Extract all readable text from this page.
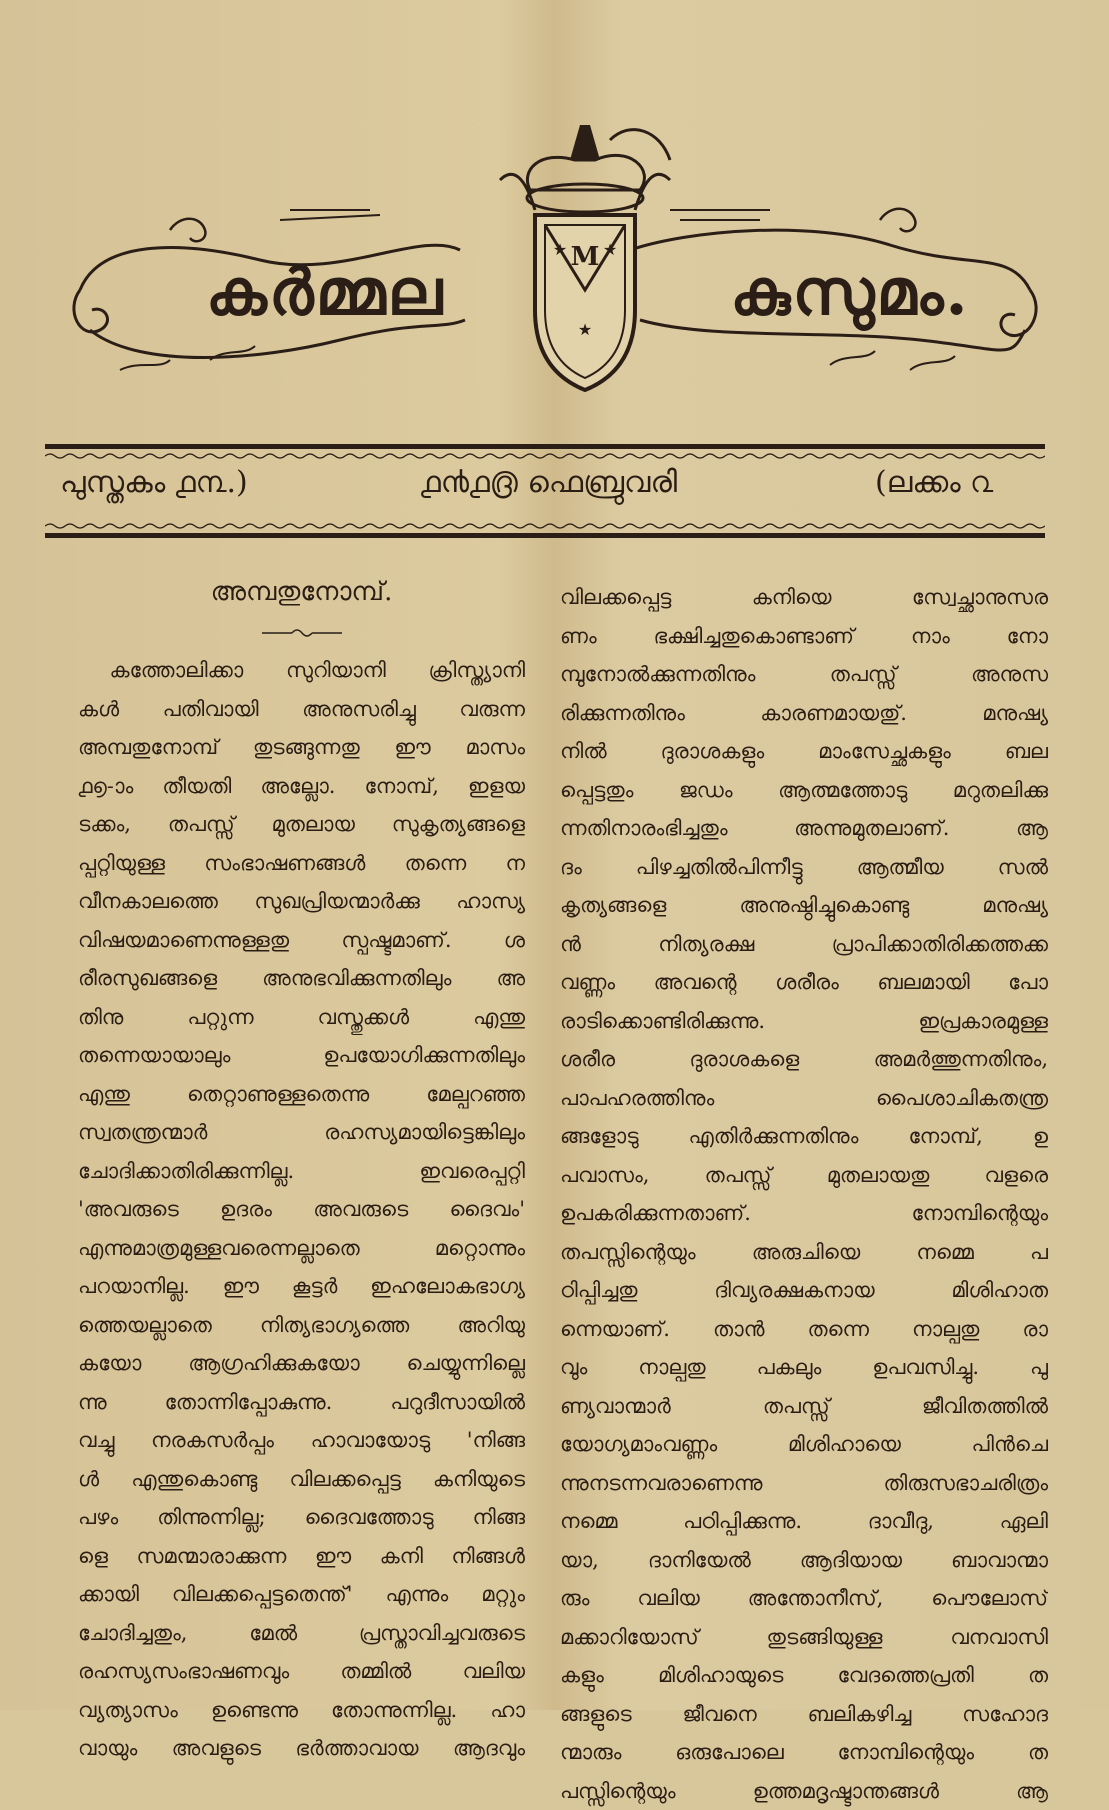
കർമ്മല	കുസുമം.
M
★ ★
★
പുസ്തകം ൧൩.)	൧൯൧൫ ഫെബ്രുവരി	(ലക്കം ൨
അമ്പതുനോമ്പ്.
കത്തോലിക്കാ സുറിയാനി ക്രിസ്ത്യാനി
കൾ പതിവായി അനുസരിച്ചു വരുന്ന
അമ്പതുനോമ്പ് തുടങ്ങുന്നതു ഈ മാസം
൧൭-ാം തീയതി അല്ലോ. നോമ്പ്, ഇളയ
ടക്കം, തപസ്സ് മുതലായ സുകൃത്യങ്ങളെ
പ്പറ്റിയുള്ള സംഭാഷണങ്ങൾ തന്നെ ന
വീനകാലത്തെ സുഖപ്രിയന്മാർക്കു ഹാസ്യ
വിഷയമാണെന്നുള്ളതു സ്പഷ്ടമാണ്. ശ
രീരസുഖങ്ങളെ അനുഭവിക്കുന്നതിലും അ
തിനു പറ്റുന്ന വസ്തുക്കൾ എന്തു
തന്നെയായാലും ഉപയോഗിക്കുന്നതിലും
എന്തു തെറ്റാണുള്ളതെന്നു മേല്പറഞ്ഞ
സ്വതന്ത്രന്മാർ രഹസ്യമായിട്ടെങ്കിലും
ചോദിക്കാതിരിക്കുന്നില്ല. ഇവരെപ്പറ്റി
'അവരുടെ ഉദരം അവരുടെ ദൈവം'
എന്നുമാത്രമുള്ളവരെന്നല്ലാതെ മറ്റൊന്നും
പറയാനില്ല. ഈ കൂട്ടർ ഇഹലോകഭാഗ്യ
ത്തെയല്ലാതെ നിത്യഭാഗ്യത്തെ അറിയു
കയോ ആഗ്രഹിക്കുകയോ ചെയ്യുന്നില്ലെ
ന്നു തോന്നിപ്പോകുന്നു. പറുദീസായിൽ
വച്ചു നരകസർപ്പം ഹാവായോടു 'നിങ്ങ
ൾ എന്തുകൊണ്ടു വിലക്കപ്പെട്ട കനിയുടെ
പഴം തിന്നുന്നില്ല; ദൈവത്തോടു നിങ്ങ
ളെ സമന്മാരാക്കുന്ന ഈ കനി നിങ്ങൾ
ക്കായി വിലക്കപ്പെട്ടതെന്ത്' എന്നും മറ്റും
ചോദിച്ചതും, മേൽ പ്രസ്താവിച്ചവരുടെ
രഹസ്യസംഭാഷണവും തമ്മിൽ വലിയ
വ്യത്യാസം ഉണ്ടെന്നു തോന്നുന്നില്ല. ഹാ
വായും അവളുടെ ഭർത്താവായ ആദവും
വിലക്കപ്പെട്ട കനിയെ സ്വേച്ഛാനുസര
ണം ഭക്ഷിച്ചതുകൊണ്ടാണ് നാം നോ
മ്പുനോൽക്കുന്നതിനും തപസ്സ് അനുസ
രിക്കുന്നതിനും കാരണമായതു്. മനുഷ്യ
നിൽ ദുരാശകളും മാംസേച്ഛകളും ബല
പ്പെട്ടതും ജഡം ആത്മത്തോടു മറുതലിക്കു
ന്നതിനാരംഭിച്ചതും അന്നുമുതലാണ്. ആ
ദം പിഴച്ചതിൽപിന്നീട്ടു ആത്മീയ സൽ
കൃത്യങ്ങളെ അനുഷ്ഠിച്ചുകൊണ്ടു മനുഷ്യ
ൻ നിത്യരക്ഷ പ്രാപിക്കാതിരിക്കത്തക്ക
വണ്ണം അവന്റെ ശരീരം ബലമായി പോ
രാടിക്കൊണ്ടിരിക്കുന്നു. ഇപ്രകാരമുള്ള
ശരീര ദുരാശകളെ അമർത്തുന്നതിനും,
പാപഹരത്തിനും പൈശാചികതന്ത്ര
ങ്ങളോടു എതിർക്കുന്നതിനും നോമ്പ്, ഉ
പവാസം, തപസ്സ് മുതലായതു വളരെ
ഉപകരിക്കുന്നതാണ്. നോമ്പിന്റെയും
തപസ്സിന്റെയും അരുചിയെ നമ്മെ പ
ഠിപ്പിച്ചതു ദിവ്യരക്ഷകനായ മിശിഹാത
ന്നെയാണ്. താൻ തന്നെ നാല്പതു രാ
വും നാല്പതു പകലും ഉപവസിച്ചു. പു
ണ്യവാന്മാർ തപസ്സ് ജീവിതത്തിൽ
യോഗ്യമാംവണ്ണം മിശിഹായെ പിൻചെ
ന്നുനടന്നവരാണെന്നു തിരുസഭാചരിത്രം
നമ്മെ പഠിപ്പിക്കുന്നു. ദാവീദു, ഏലി
യാ, ദാനിയേൽ ആദിയായ ബാവാന്മാ
രും വലിയ അന്തോനീസ്, പൌലോസ്
മക്കാറിയോസ് തുടങ്ങിയുള്ള വനവാസി
കളും മിശിഹായുടെ വേദത്തെപ്രതി ത
ങ്ങളുടെ ജീവനെ ബലികഴിച്ച സഹോദ
ന്മാരും ഒരുപോലെ നോമ്പിന്റെയും ത
പസ്സിന്റെയും ഉത്തമദൃഷ്ടാന്തങ്ങൾ ആ
